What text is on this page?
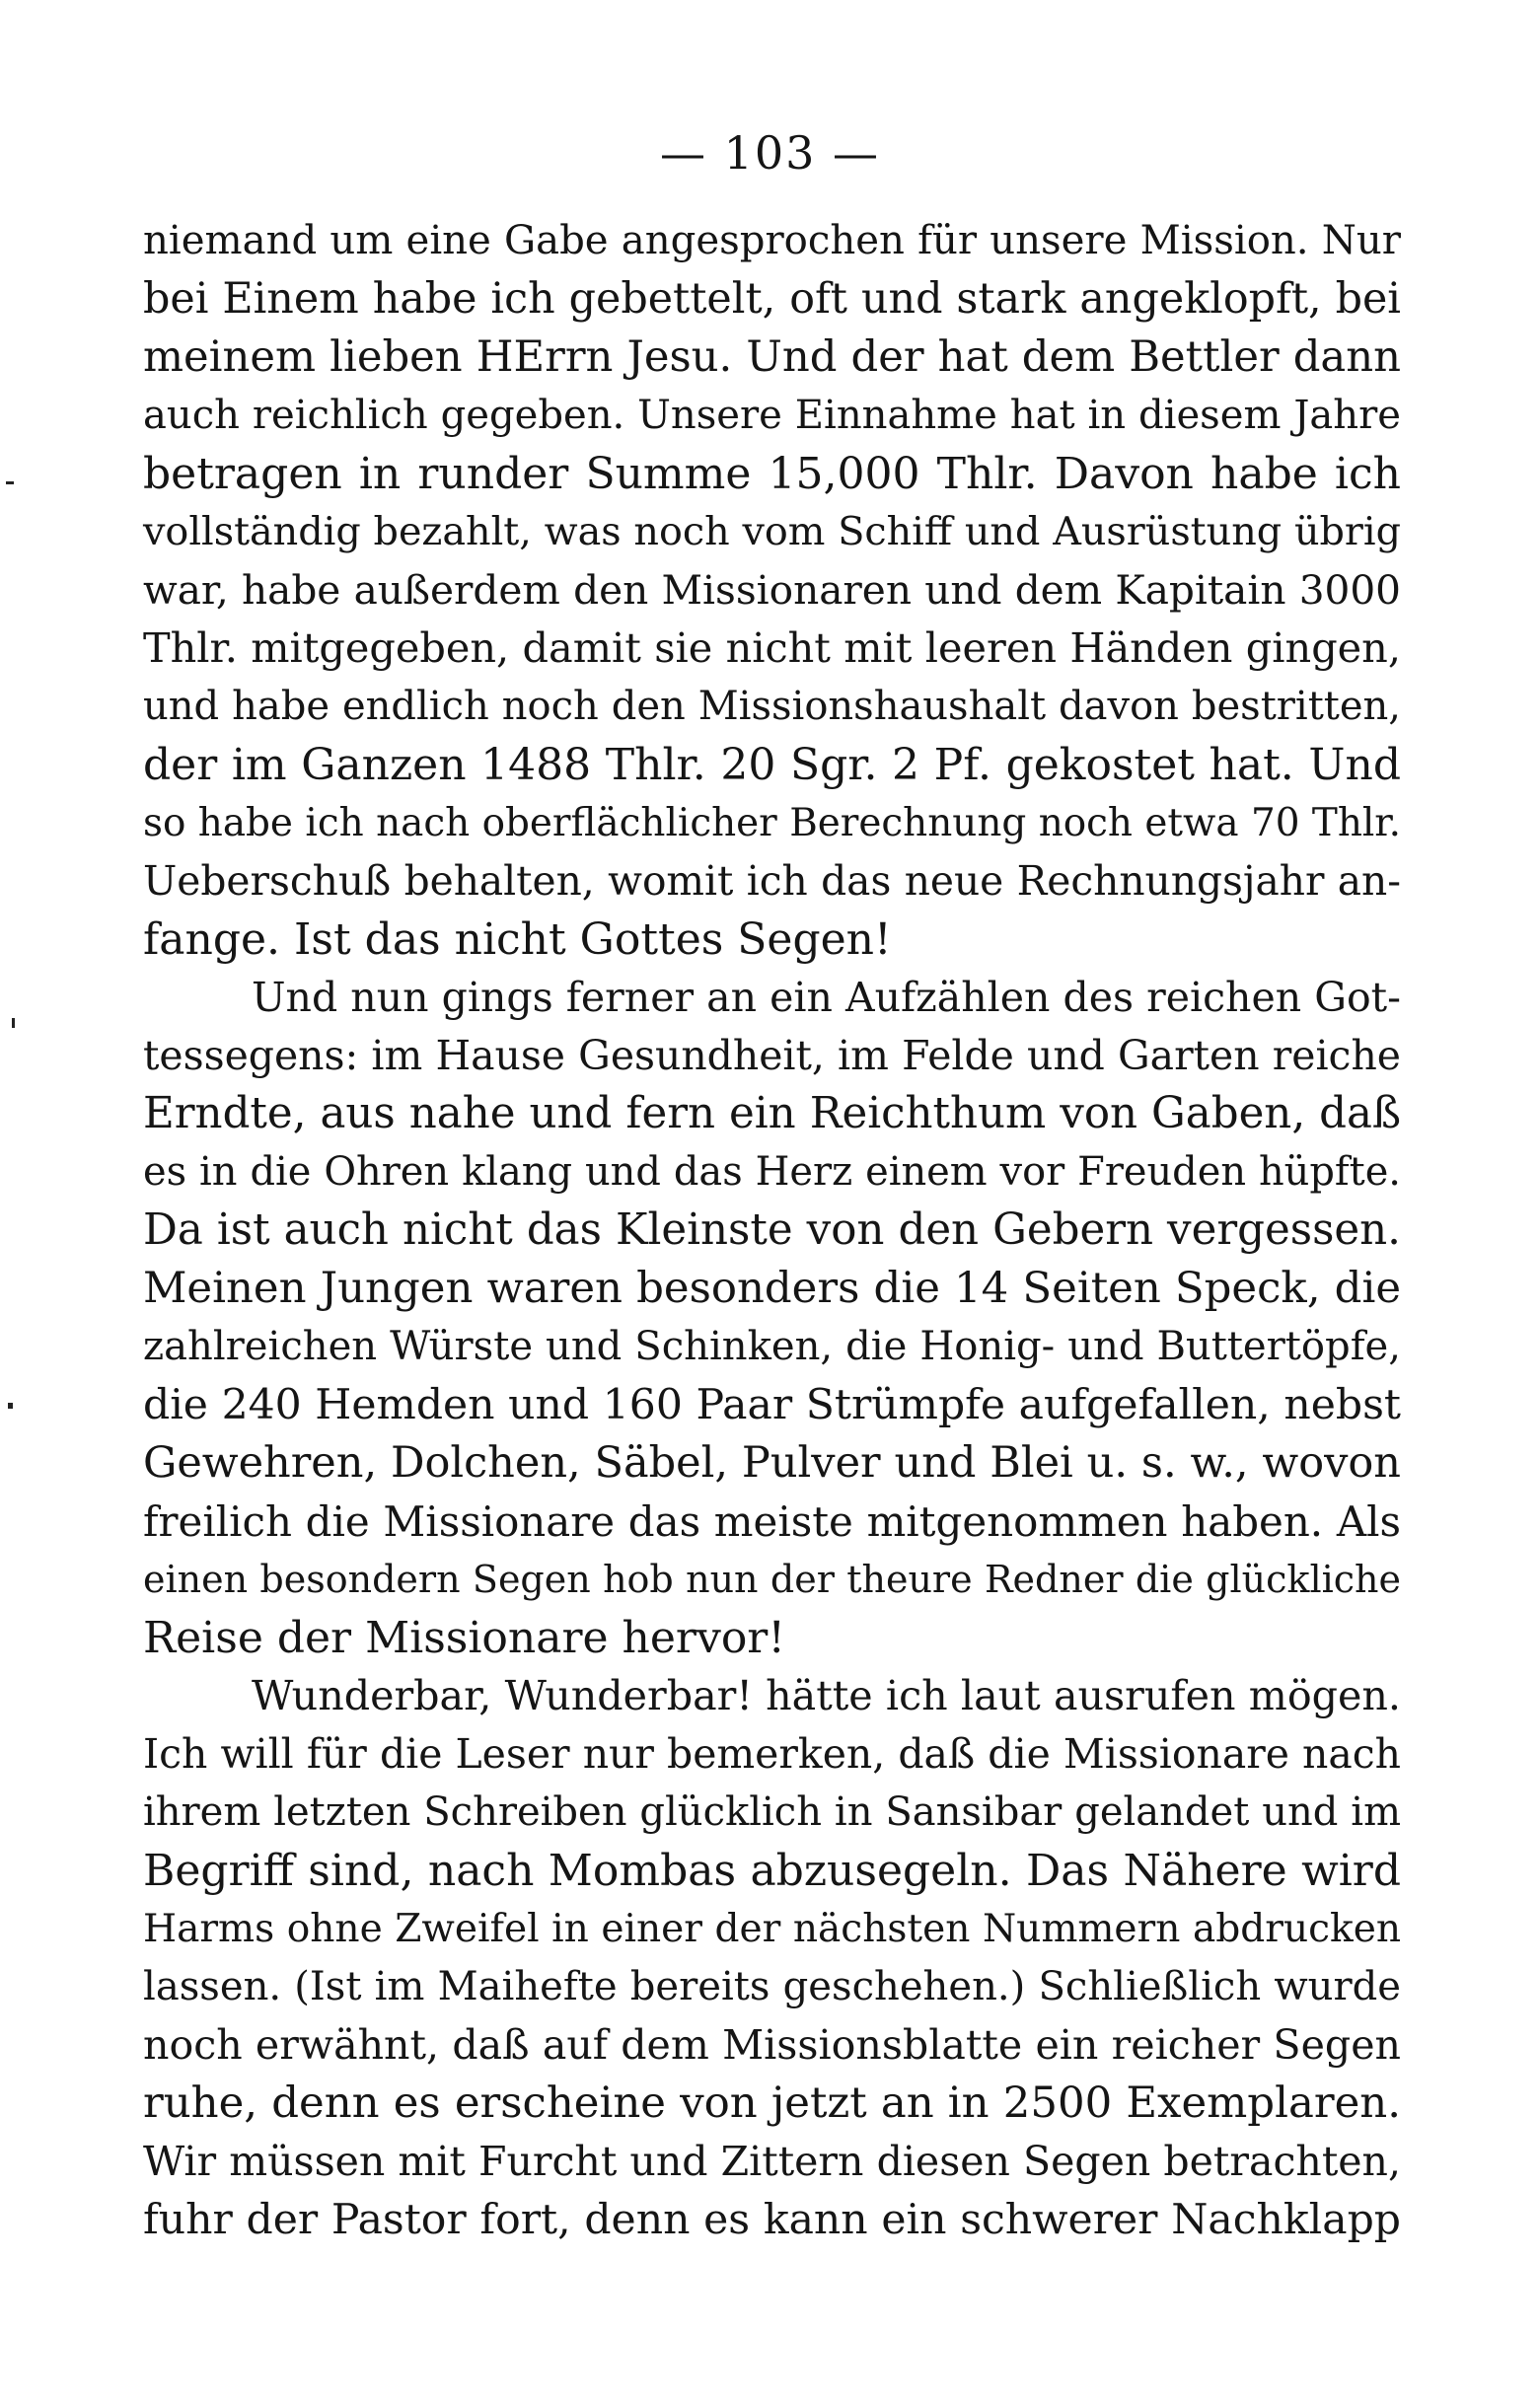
— 103 —
niemand um eine Gabe angesprochen für unsere Mission. Nur
bei Einem habe ich gebettelt, oft und stark angeklopft, bei
meinem lieben HErrn Jesu. Und der hat dem Bettler dann
auch reichlich gegeben. Unsere Einnahme hat in diesem Jahre
betragen in runder Summe 15,000 Thlr. Davon habe ich
vollständig bezahlt, was noch vom Schiff und Ausrüstung übrig
war, habe außerdem den Missionaren und dem Kapitain 3000
Thlr. mitgegeben, damit sie nicht mit leeren Händen gingen,
und habe endlich noch den Missionshaushalt davon bestritten,
der im Ganzen 1488 Thlr. 20 Sgr. 2 Pf. gekostet hat. Und
so habe ich nach oberflächlicher Berechnung noch etwa 70 Thlr.
Ueberschuß behalten, womit ich das neue Rechnungsjahr an-
fange. Ist das nicht Gottes Segen!
Und nun gings ferner an ein Aufzählen des reichen Got-
tessegens: im Hause Gesundheit, im Felde und Garten reiche
Erndte, aus nahe und fern ein Reichthum von Gaben, daß
es in die Ohren klang und das Herz einem vor Freuden hüpfte.
Da ist auch nicht das Kleinste von den Gebern vergessen.
Meinen Jungen waren besonders die 14 Seiten Speck, die
zahlreichen Würste und Schinken, die Honig- und Buttertöpfe,
die 240 Hemden und 160 Paar Strümpfe aufgefallen, nebst
Gewehren, Dolchen, Säbel, Pulver und Blei u. s. w., wovon
freilich die Missionare das meiste mitgenommen haben. Als
einen besondern Segen hob nun der theure Redner die glückliche
Reise der Missionare hervor!
Wunderbar, Wunderbar! hätte ich laut ausrufen mögen.
Ich will für die Leser nur bemerken, daß die Missionare nach
ihrem letzten Schreiben glücklich in Sansibar gelandet und im
Begriff sind, nach Mombas abzusegeln. Das Nähere wird
Harms ohne Zweifel in einer der nächsten Nummern abdrucken
lassen. (Ist im Maihefte bereits geschehen.) Schließlich wurde
noch erwähnt, daß auf dem Missionsblatte ein reicher Segen
ruhe, denn es erscheine von jetzt an in 2500 Exemplaren.
Wir müssen mit Furcht und Zittern diesen Segen betrachten,
fuhr der Pastor fort, denn es kann ein schwerer Nachklapp
